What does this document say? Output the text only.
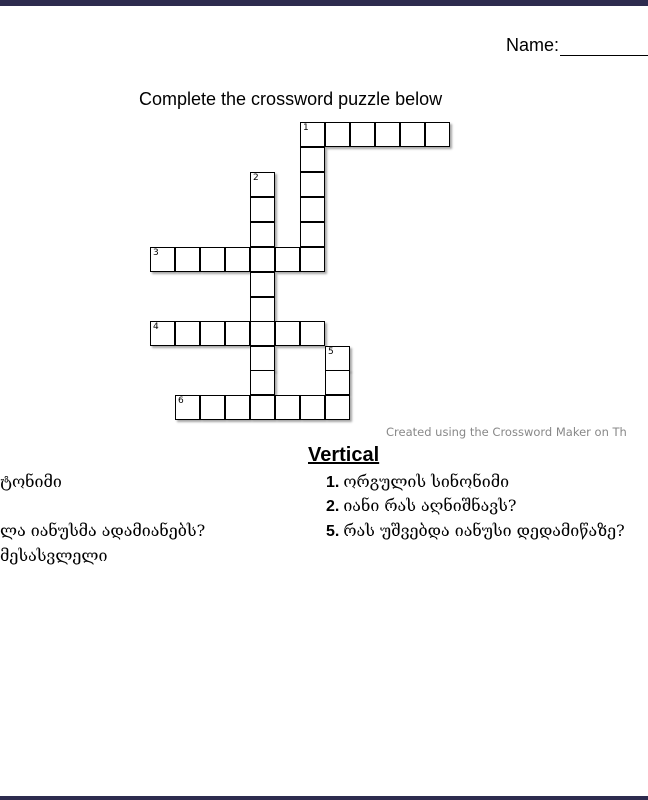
Name:
Complete the crossword puzzle below
1
2
3
4
5
6
Created using the Crossword Maker on Th
Vertical
1. ორგულის სინონიმი
2. იანი რას აღნიშნავს?
5. რას უშვებდა იანუსი დედამიწაზე?
ტონიმი
ლა იანუსმა ადამიანებს?
მესასვლელი
